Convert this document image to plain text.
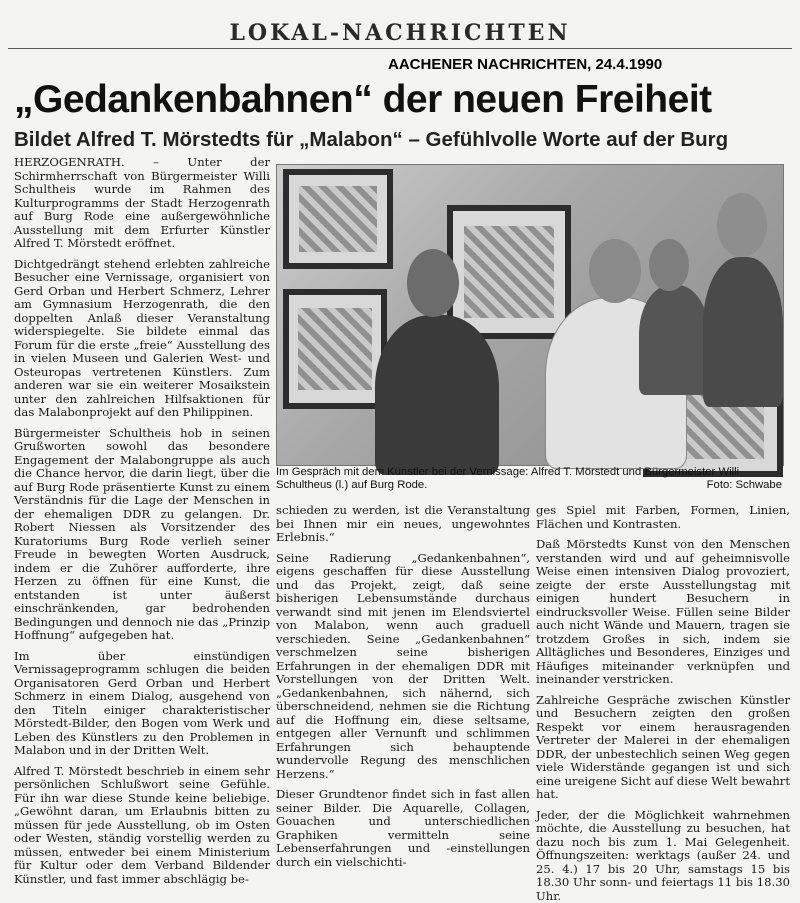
LOKAL-NACHRICHTEN
AACHENER NACHRICHTEN, 24.4.1990
„Gedankenbahnen“ der neuen Freiheit
Bildet Alfred T. Mörstedts für „Malabon“ – Gefühlvolle Worte auf der Burg

HERZOGENRATH. – Unter der Schirmherrschaft von Bürgermeister Willi Schultheis wurde im Rahmen des Kulturprogramms der Stadt Herzogenrath auf Burg Rode eine außergewöhnliche Ausstellung mit dem Erfurter Künstler Alfred T. Mörstedt eröffnet.

Dichtgedrängt stehend erlebten zahlreiche Besucher eine Vernissage, organisiert von Gerd Orban und Herbert Schmerz, Lehrer am Gymnasium Herzogenrath, die den doppelten Anlaß dieser Veranstaltung widerspiegelte. Sie bildete einmal das Forum für die erste „freie“ Ausstellung des in vielen Museen und Galerien West- und Osteuropas vertretenen Künstlers. Zum anderen war sie ein weiterer Mosaikstein unter den zahlreichen Hilfsaktionen für das Malabonprojekt auf den Philippinen.

Bürgermeister Schultheis hob in seinen Grußworten sowohl das besondere Engagement der Malabongruppe als auch die Chance hervor, die darin liegt, über die auf Burg Rode präsentierte Kunst zu einem Verständnis für die Lage der Menschen in der ehemaligen DDR zu gelangen. Dr. Robert Niessen als Vorsitzender des Kuratoriums Burg Rode verlieh seiner Freude in bewegten Worten Ausdruck, indem er die Zuhörer aufforderte, ihre Herzen zu öffnen für eine Kunst, die entstanden ist unter äußerst einschränkenden, gar bedrohenden Bedingungen und dennoch nie das „Prinzip Hoffnung“ aufgegeben hat.

Im über einstündigen Vernissageprogramm schlugen die beiden Organisatoren Gerd Orban und Herbert Schmerz in einem Dialog, ausgehend von den Titeln einiger charakteristischer Mörstedt-Bilder, den Bogen vom Werk und Leben des Künstlers zu den Problemen in Malabon und in der Dritten Welt.

Alfred T. Mörstedt beschrieb in einem sehr persönlichen Schlußwort seine Gefühle. Für ihn war diese Stunde keine beliebige. „Gewöhnt daran, um Erlaubnis bitten zu müssen für jede Ausstellung, ob im Osten oder Westen, ständig vorstellig werden zu müssen, entweder bei einem Ministerium für Kultur oder dem Verband Bildender Künstler, und fast immer abschlägig be-

Im Gespräch mit dem Künstler bei der Vernissage: Alfred T. Mörstedt und Bürgermeister Willi Schultheus (l.) auf Burg Rode.	Foto: Schwabe

schieden zu werden, ist die Veranstaltung bei Ihnen mir ein neues, ungewohntes Erlebnis.“

Seine Radierung „Gedankenbahnen“, eigens geschaffen für diese Ausstellung und das Projekt, zeigt, daß seine bisherigen Lebensumstände durchaus verwandt sind mit jenen im Elendsviertel von Malabon, wenn auch graduell verschieden. Seine „Gedankenbahnen“ verschmelzen seine bisherigen Erfahrungen in der ehemaligen DDR mit Vorstellungen von der Dritten Welt. „Gedankenbahnen, sich nähernd, sich überschneidend, nehmen sie die Richtung auf die Hoffnung ein, diese seltsame, entgegen aller Vernunft und schlimmen Erfahrungen sich behauptende wundervolle Regung des menschlichen Herzens.“

Dieser Grundtenor findet sich in fast allen seiner Bilder. Die Aquarelle, Collagen, Gouachen und unterschiedlichen Graphiken vermitteln seine Lebenserfahrungen und -einstellungen durch ein vielschichti-

ges Spiel mit Farben, Formen, Linien, Flächen und Kontrasten.

Daß Mörstedts Kunst von den Menschen verstanden wird und auf geheimnisvolle Weise einen intensiven Dialog provoziert, zeigte der erste Ausstellungstag mit einigen hundert Besuchern in eindrucksvoller Weise. Füllen seine Bilder auch nicht Wände und Mauern, tragen sie trotzdem Großes in sich, indem sie Alltägliches und Besonderes, Einziges und Häufiges miteinander verknüpfen und ineinander verstricken.

Zahlreiche Gespräche zwischen Künstler und Besuchern zeigten den großen Respekt vor einem herausragenden Vertreter der Malerei in der ehemaligen DDR, der unbestechlich seinen Weg gegen viele Widerstände gegangen ist und sich eine ureigene Sicht auf diese Welt bewahrt hat.

Jeder, der die Möglichkeit wahrnehmen möchte, die Ausstellung zu besuchen, hat dazu noch bis zum 1. Mai Gelegenheit. Öffnungszeiten: werktags (außer 24. und 25. 4.) 17 bis 20 Uhr, samstags 15 bis 18.30 Uhr sonn- und feiertags 11 bis 18.30 Uhr.
